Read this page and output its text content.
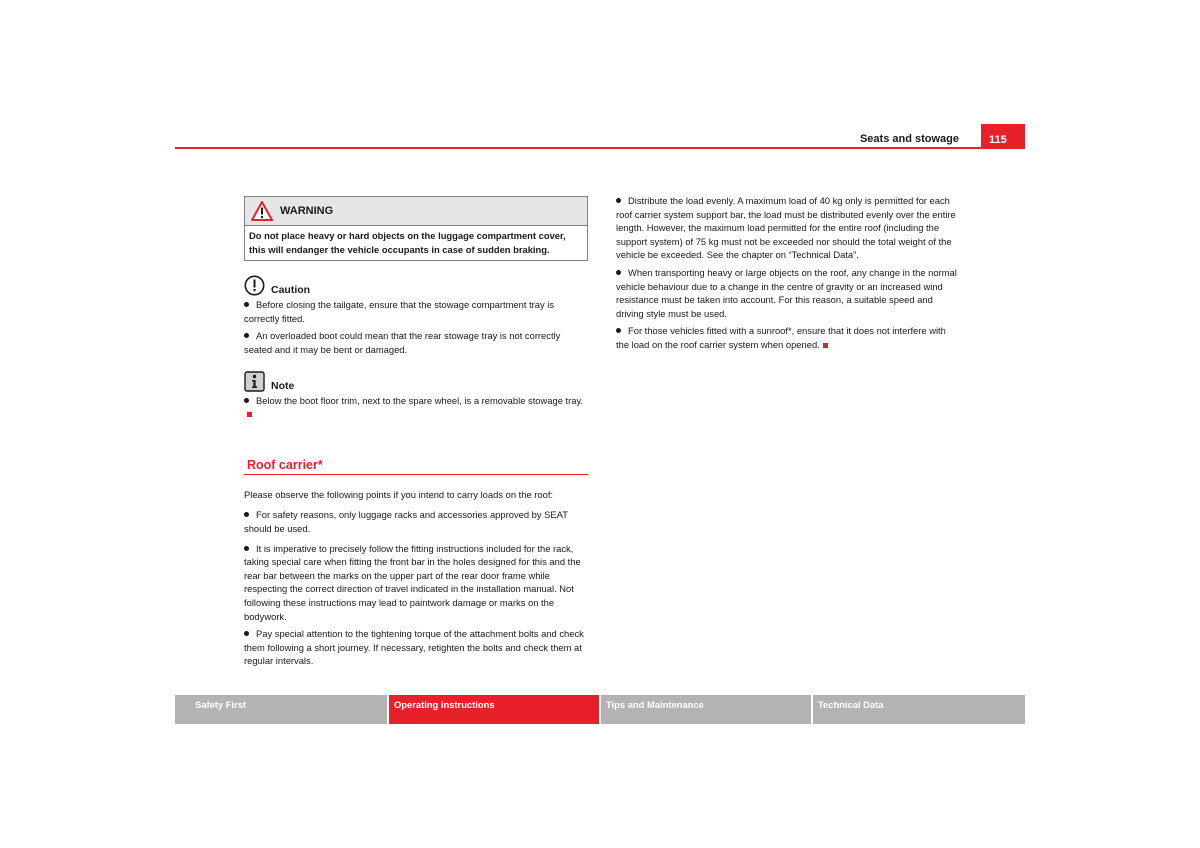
Seats and stowage	115
WARNING
Do not place heavy or hard objects on the luggage compartment cover, this will endanger the vehicle occupants in case of sudden braking.
Caution
Before closing the tailgate, ensure that the stowage compartment tray is correctly fitted.
An overloaded boot could mean that the rear stowage tray is not correctly seated and it may be bent or damaged.
Note
Below the boot floor trim, next to the spare wheel, is a removable stowage tray.
Roof carrier*

Please observe the following points if you intend to carry loads on the roof:

For safety reasons, only luggage racks and accessories approved by SEAT should be used.
It is imperative to precisely follow the fitting instructions included for the rack, taking special care when fitting the front bar in the holes designed for this and the rear bar between the marks on the upper part of the rear door frame while respecting the correct direction of travel indicated in the installation manual. Not following these instructions may lead to paintwork damage or marks on the bodywork.
Pay special attention to the tightening torque of the attachment bolts and check them following a short journey. If necessary, retighten the bolts and check them at regular intervals.
Distribute the load evenly. A maximum load of 40 kg only is permitted for each roof carrier system support bar, the load must be distributed evenly over the entire length. However, the maximum load permitted for the entire roof (including the support system) of 75 kg must not be exceeded nor should the total weight of the vehicle be exceeded. See the chapter on “Technical Data”.
When transporting heavy or large objects on the roof, any change in the normal vehicle behaviour due to a change in the centre of gravity or an increased wind resistance must be taken into account. For this reason, a suitable speed and driving style must be used.
For those vehicles fitted with a sunroof*, ensure that it does not interfere with the load on the roof carrier system when opened.
Safety First	Operating instructions	Tips and Maintenance	Technical Data
